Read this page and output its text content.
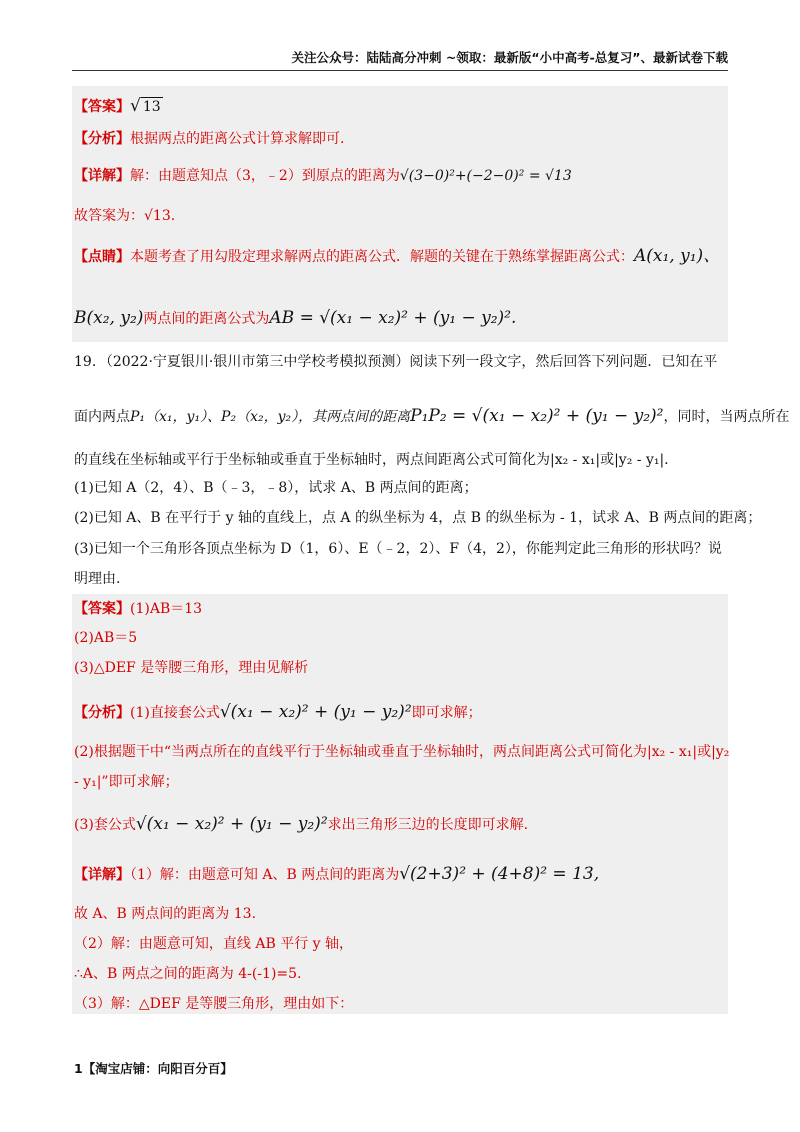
关注公众号：陆陆高分冲刺 ~领取：最新版“小中高考-总复习”、最新试卷下载
【答案】√ 13
【分析】根据两点的距离公式计算求解即可.
【详解】解：由题意知点（3，﹣2）到原点的距离为√(3−0)²+(−2−0)² = √13
故答案为：√13.
【点睛】本题考查了用勾股定理求解两点的距离公式．解题的关键在于熟练掌握距离公式：A(x₁, y₁)、
B(x₂, y₂)两点间的距离公式为AB = √(x₁ − x₂)² + (y₁ − y₂)².
19．（2022·宁夏银川·银川市第三中学校考模拟预测）阅读下列一段文字，然后回答下列问题．已知在平
面内两点P₁（x₁，y₁）、P₂（x₂，y₂），其两点间的距离P₁P₂ = √(x₁ − x₂)² + (y₁ − y₂)²，同时，当两点所在
的直线在坐标轴或平行于坐标轴或垂直于坐标轴时，两点间距离公式可简化为|x₂ - x₁|或|y₂ - y₁|.
(1)已知 A（2，4）、B（﹣3，﹣8），试求 A、B 两点间的距离；
(2)已知 A、B 在平行于 y 轴的直线上，点 A 的纵坐标为 4，点 B 的纵坐标为 - 1，试求 A、B 两点间的距离；
(3)已知一个三角形各顶点坐标为 D（1，6）、E（﹣2，2）、F（4，2），你能判定此三角形的形状吗？说
明理由.
【答案】(1)AB＝13
(2)AB＝5
(3)△DEF 是等腰三角形，理由见解析
【分析】(1)直接套公式√(x₁ − x₂)² + (y₁ − y₂)²即可求解；
(2)根据题干中“当两点所在的直线平行于坐标轴或垂直于坐标轴时，两点间距离公式可简化为|x₂ - x₁|或|y₂
- y₁|”即可求解；
(3)套公式√(x₁ − x₂)² + (y₁ − y₂)²求出三角形三边的长度即可求解.
【详解】（1）解：由题意可知 A、B 两点间的距离为√(2+3)² + (4+8)² = 13,
故 A、B 两点间的距离为 13.
（2）解：由题意可知，直线 AB 平行 y 轴，
∴A、B 两点之间的距离为 4-(-1)=5.
（3）解：△DEF 是等腰三角形，理由如下：
1【淘宝店铺：向阳百分百】
